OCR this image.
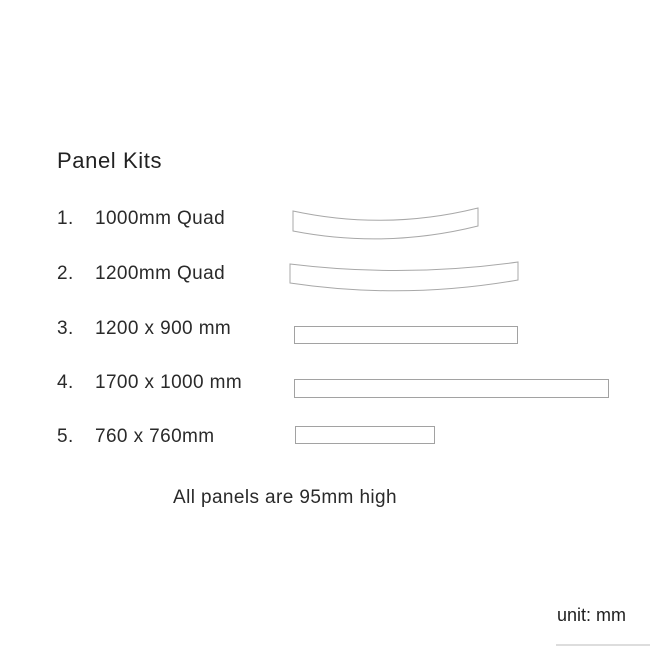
Panel Kits
1. 1000mm Quad
2. 1200mm Quad
3. 1200 x 900 mm
4. 1700 x 1000 mm
5. 760 x 760mm
All panels are 95mm high
unit: mm
